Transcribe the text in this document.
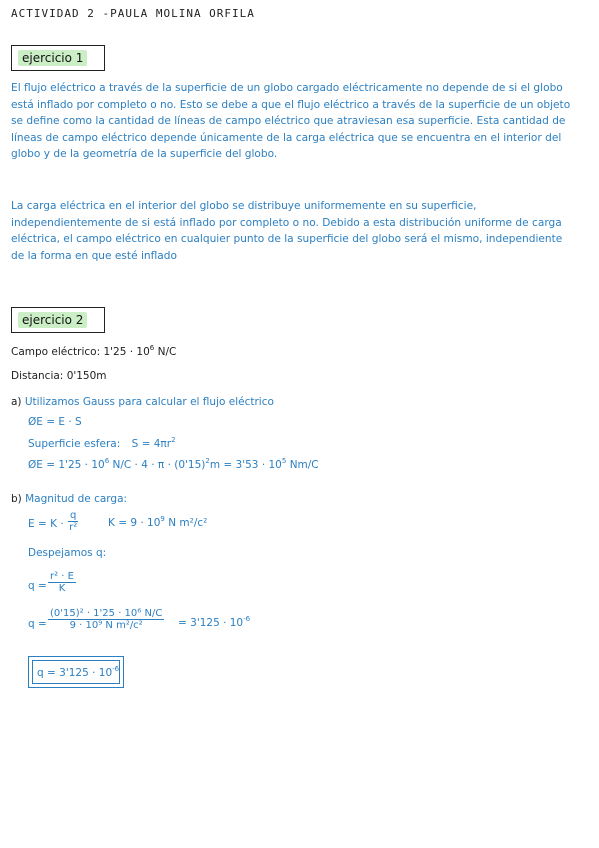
ACTIVIDAD 2 -PAULA MOLINA ORFILA
ejercicio 1
El flujo eléctrico a través de la superficie de un globo cargado eléctricamente no depende de si el globo está inflado por completo o no. Esto se debe a que el flujo eléctrico a través de la superficie de un objeto se define como la cantidad de líneas de campo eléctrico que atraviesan esa superficie. Esta cantidad de líneas de campo eléctrico depende únicamente de la carga eléctrica que se encuentra en el interior del globo y de la geometría de la superficie del globo.
La carga eléctrica en el interior del globo se distribuye uniformemente en su superficie, independientemente de si está inflado por completo o no. Debido a esta distribución uniforme de carga eléctrica, el campo eléctrico en cualquier punto de la superficie del globo será el mismo, independiente de la forma en que esté inflado
ejercicio 2
Campo eléctrico: $1'25 \cdot 10^6$ N/C
Distancia: 0'150m
a) Utilizamos Gauss para calcular el flujo eléctrico
ØE = E · S
Superficie esfera: $S = 4\pi r^2$
ØE = $1'25 \cdot 10^6$ $N/C \cdot 4 \cdot \pi \cdot (0'15)^2m = 3'53 \cdot 10^5$ Nm/C
b) Magnitud de carga:
$E = K \cdot \frac{q}{\text{r²}}$	$K = 9 \cdot 10^9$ N m²/c²
Despejamos q:
$q = \frac{\text{r² · E}}{K}$
$q = \frac{\text{(0'15)² · 1'25 · 10⁶ N/C}}{\text{9 · 10⁹ N m²/c²}} = 3'125 \cdot 10^{-6}$
$q = 3'125 \cdot 10^{-6}$
